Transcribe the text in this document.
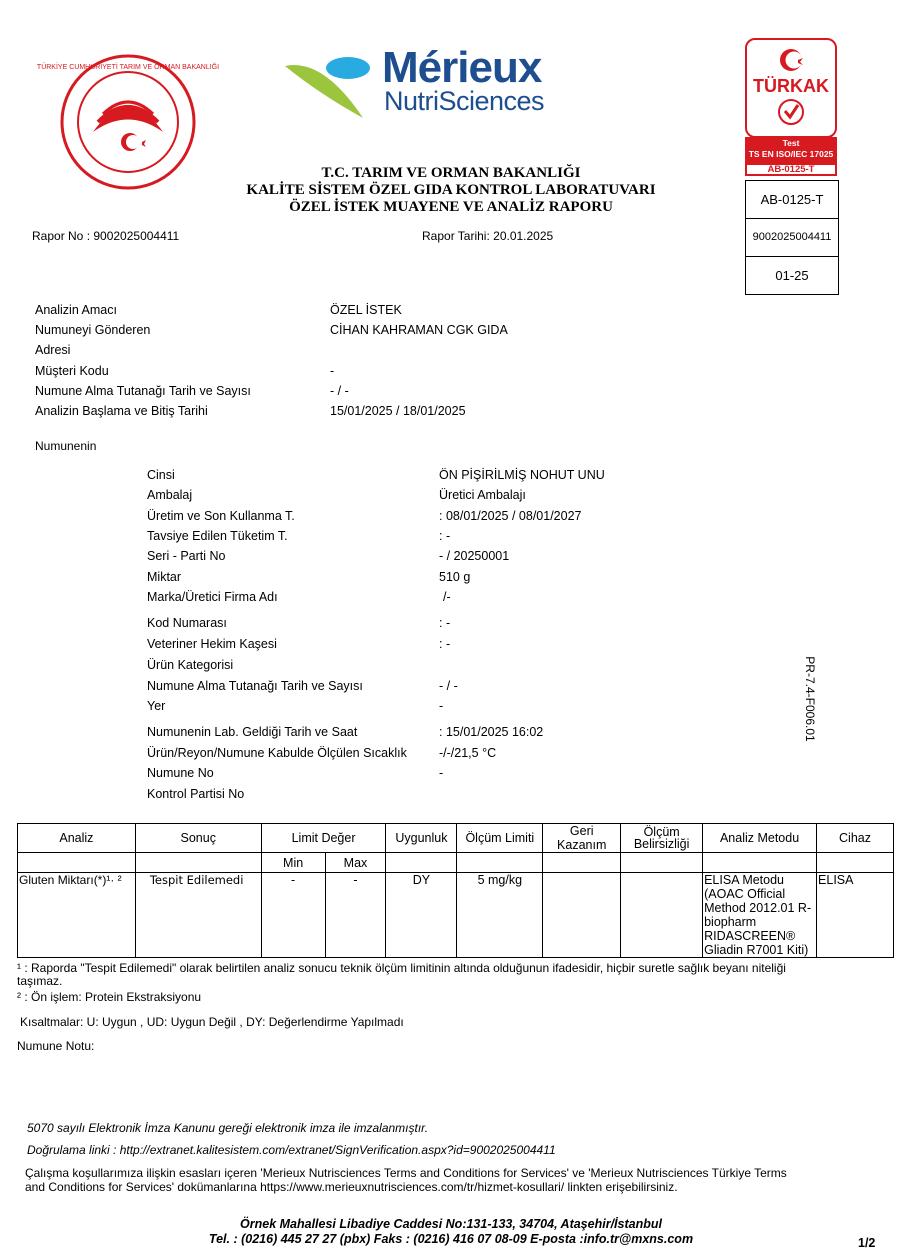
TÜRKİYE CUMHURİYETİ TARIM VE ORMAN BAKANLIĞI	Mérieux
NutriSciences	TÜRKAK
Test
TS EN ISO/IEC 17025
AB-0125-T
T.C. TARIM VE ORMAN BAKANLIĞI
KALİTE SİSTEM ÖZEL GIDA KONTROL LABORATUVARI
ÖZEL İSTEK MUAYENE VE ANALİZ RAPORU	AB-0125-T
9002025004411
01-25
Rapor No : 9002025004411	Rapor Tarihi: 20.01.2025
Analizin Amacı	ÖZEL İSTEK
Numuneyi Gönderen	CİHAN KAHRAMAN CGK GIDA
Adresi
Müşteri Kodu	-
Numune Alma Tutanağı Tarih ve Sayısı	- / -
Analizin Başlama ve Bitiş Tarihi	15/01/2025 / 18/01/2025
Numunenin
Cinsi	ÖN PİŞİRİLMİŞ NOHUT UNU
Ambalaj	Üretici Ambalajı
Üretim ve Son Kullanma T.	: 08/01/2025 / 08/01/2027
Tavsiye Edilen Tüketim T.	: -
Seri - Parti No	- / 20250001
Miktar	510 g
Marka/Üretici Firma Adı	/-
Kod Numarası	: -
Veteriner Hekim Kaşesi	: -
Ürün Kategorisi
Numune Alma Tutanağı Tarih ve Sayısı	- / -
Yer	-
Numunenin Lab. Geldiği Tarih ve Saat	: 15/01/2025 16:02
Ürün/Reyon/Numune Kabulde Ölçülen Sıcaklık	-/-/21,5 °C
Numune No	-
Kontrol Partisi No
PR-7.4-F006.01
Analiz	Sonuç	Limit Değer		Uygunluk	Ölçüm Limiti	Geri Kazanım	Ölçüm Belirsizliği	Analiz Metodu	Cihaz
		Min	Max						
Gluten Miktarı(*)¹· ²	Tespit Edilemedi	-	-	DY	5 mg/kg			ELISA Metodu (AOAC Official Method 2012.01 R-biopharm RIDASCREEN® Gliadin R7001 Kiti)	ELISA
¹ : Raporda "Tespit Edilemedi" olarak belirtilen analiz sonucu teknik ölçüm limitinin altında olduğunun ifadesidir, hiçbir suretle sağlık beyanı niteliği taşımaz.
² : Ön işlem: Protein Ekstraksiyonu
Kısaltmalar: U: Uygun , UD: Uygun Değil , DY: Değerlendirme Yapılmadı
Numune Notu:
5070 sayılı Elektronik İmza Kanunu gereği elektronik imza ile imzalanmıştır.
Doğrulama linki : http://extranet.kalitesistem.com/extranet/SignVerification.aspx?id=9002025004411
Çalışma koşullarımıza ilişkin esasları içeren 'Merieux Nutrisciences Terms and Conditions for Services' ve 'Merieux Nutrisciences Türkiye Terms and Conditions for Services' dokümanlarına https://www.merieuxnutrisciences.com/tr/hizmet-kosullari/ linkten erişebilirsiniz.
Örnek Mahallesi Libadiye Caddesi No:131-133, 34704, Ataşehir/İstanbul
Tel. : (0216) 445 27 27 (pbx) Faks : (0216) 416 07 08-09 E-posta :info.tr@mxns.com	1/2
